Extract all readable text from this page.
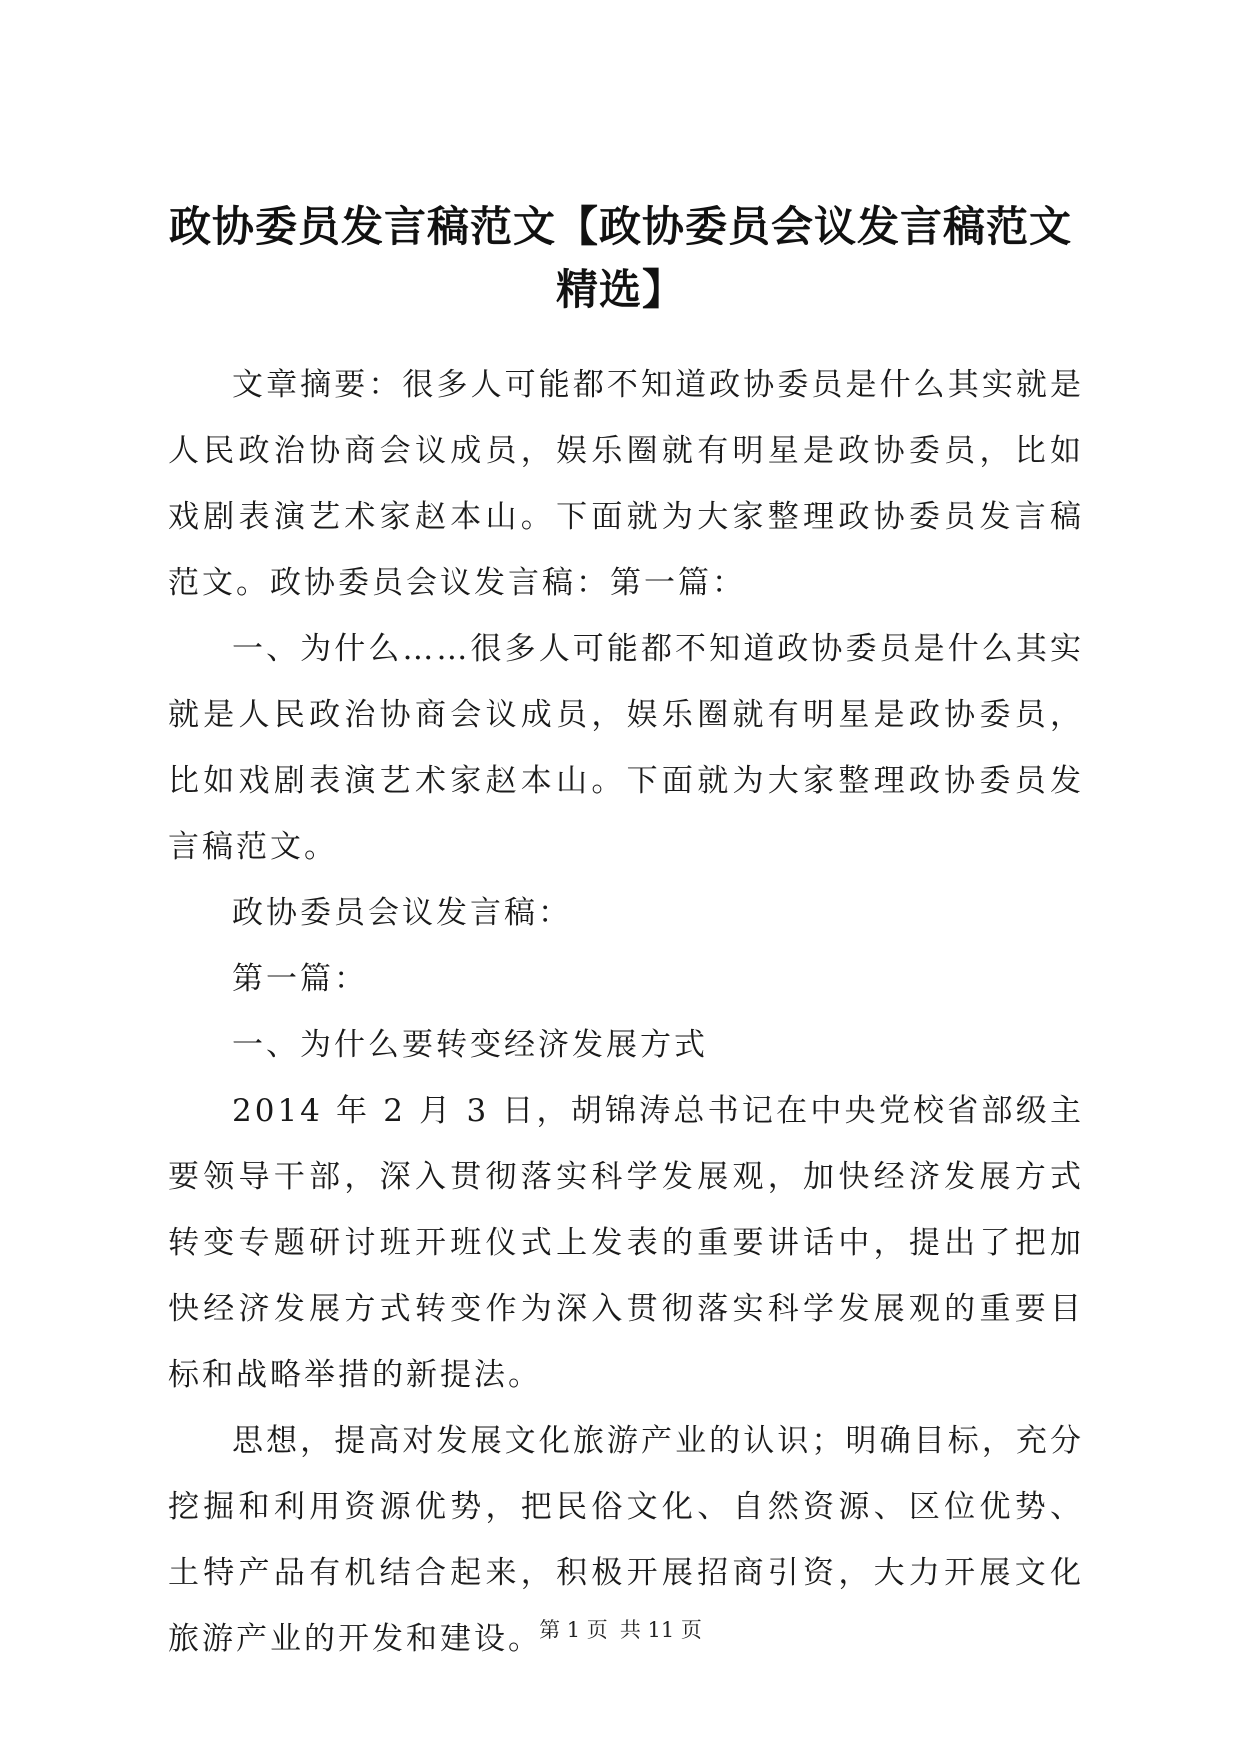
政协委员发言稿范文【政协委员会议发言稿范文精选】

文章摘要：很多人可能都不知道政协委员是什么其实就是人民政治协商会议成员，娱乐圈就有明星是政协委员，比如戏剧表演艺术家赵本山。下面就为大家整理政协委员发言稿范文。政协委员会议发言稿：第一篇：

一、为什么……很多人可能都不知道政协委员是什么其实就是人民政治协商会议成员，娱乐圈就有明星是政协委员，比如戏剧表演艺术家赵本山。下面就为大家整理政协委员发言稿范文。

政协委员会议发言稿：

第一篇：

一、为什么要转变经济发展方式

2014 年 2 月 3 日，胡锦涛总书记在中央党校省部级主要领导干部，深入贯彻落实科学发展观，加快经济发展方式转变专题研讨班开班仪式上发表的重要讲话中，提出了把加快经济发展方式转变作为深入贯彻落实科学发展观的重要目标和战略举措的新提法。

思想，提高对发展文化旅游产业的认识；明确目标，充分挖掘和利用资源优势，把民俗文化、自然资源、区位优势、土特产品有机结合起来，积极开展招商引资，大力开展文化旅游产业的开发和建设。

第 1 页 共 11 页
